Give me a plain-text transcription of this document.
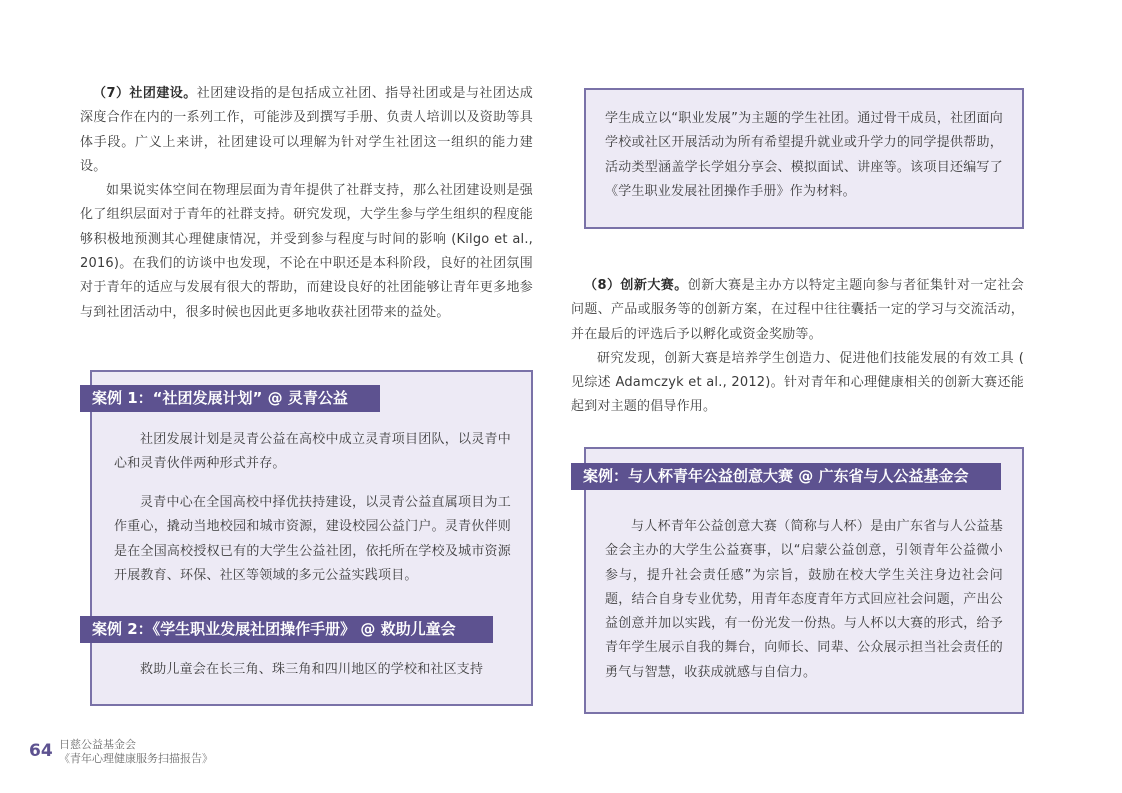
（7）社团建设。社团建设指的是包括成立社团、指导社团或是与社团达成深度合作在内的一系列工作，可能涉及到撰写手册、负责人培训以及资助等具体手段。广义上来讲，社团建设可以理解为针对学生社团这一组织的能力建设。

如果说实体空间在物理层面为青年提供了社群支持，那么社团建设则是强化了组织层面对于青年的社群支持。研究发现，大学生参与学生组织的程度能够积极地预测其心理健康情况，并受到参与程度与时间的影响 (Kilgo et al., 2016)。在我们的访谈中也发现，不论在中职还是本科阶段，良好的社团氛围对于青年的适应与发展有很大的帮助，而建设良好的社团能够让青年更多地参与到社团活动中，很多时候也因此更多地收获社团带来的益处。

案例 1：“社团发展计划” @ 灵青公益

社团发展计划是灵青公益在高校中成立灵青项目团队，以灵青中心和灵青伙伴两种形式并存。

灵青中心在全国高校中择优扶持建设，以灵青公益直属项目为工作重心，撬动当地校园和城市资源，建设校园公益门户。灵青伙伴则是在全国高校授权已有的大学生公益社团，依托所在学校及城市资源开展教育、环保、社区等领域的多元公益实践项目。

案例 2：《学生职业发展社团操作手册》 @ 救助儿童会

救助儿童会在长三角、珠三角和四川地区的学校和社区支持

学生成立以“职业发展”为主题的学生社团。通过骨干成员，社团面向学校或社区开展活动为所有希望提升就业或升学力的同学提供帮助，活动类型涵盖学长学姐分享会、模拟面试、讲座等。该项目还编写了《学生职业发展社团操作手册》作为材料。

（8）创新大赛。创新大赛是主办方以特定主题向参与者征集针对一定社会问题、产品或服务等的创新方案，在过程中往往囊括一定的学习与交流活动，并在最后的评选后予以孵化或资金奖励等。

研究发现，创新大赛是培养学生创造力、促进他们技能发展的有效工具 ( 见综述 Adamczyk et al., 2012)。针对青年和心理健康相关的创新大赛还能起到对主题的倡导作用。

案例：与人杯青年公益创意大赛 @ 广东省与人公益基金会

与人杯青年公益创意大赛（简称与人杯）是由广东省与人公益基金会主办的大学生公益赛事，以“启蒙公益创意，引领青年公益微小参与，提升社会责任感”为宗旨，鼓励在校大学生关注身边社会问题，结合自身专业优势，用青年态度青年方式回应社会问题，产出公益创意并加以实践，有一份光发一份热。与人杯以大赛的形式，给予青年学生展示自我的舞台，向师长、同辈、公众展示担当社会责任的勇气与智慧，收获成就感与自信力。

64 日慈公益基金会
《青年心理健康服务扫描报告》
